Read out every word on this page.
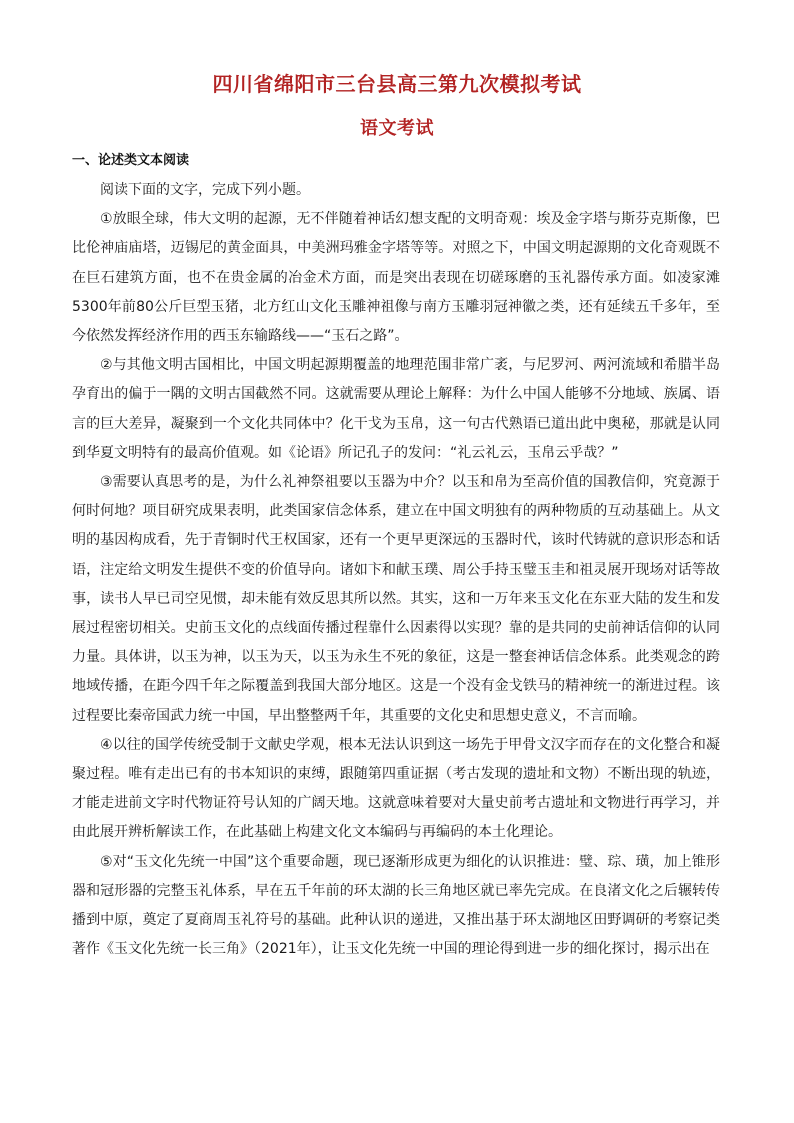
四川省绵阳市三台县高三第九次模拟考试
语文考试
一、论述类文本阅读

阅读下面的文字，完成下列小题。

①放眼全球，伟大文明的起源，无不伴随着神话幻想支配的文明奇观：埃及金字塔与斯芬克斯像，巴比伦神庙庙塔，迈锡尼的黄金面具，中美洲玛雅金字塔等等。对照之下，中国文明起源期的文化奇观既不在巨石建筑方面，也不在贵金属的冶金术方面，而是突出表现在切磋琢磨的玉礼器传承方面。如凌家滩5300年前80公斤巨型玉猪，北方红山文化玉雕神祖像与南方玉雕羽冠神徽之类，还有延续五千多年，至今依然发挥经济作用的西玉东输路线——“玉石之路”。

②与其他文明古国相比，中国文明起源期覆盖的地理范围非常广袤，与尼罗河、两河流域和希腊半岛孕育出的偏于一隅的文明古国截然不同。这就需要从理论上解释：为什么中国人能够不分地域、族属、语言的巨大差异，凝聚到一个文化共同体中？化干戈为玉帛，这一句古代熟语已道出此中奥秘，那就是认同到华夏文明特有的最高价值观。如《论语》所记孔子的发问：“礼云礼云，玉帛云乎哉？”

③需要认真思考的是，为什么礼神祭祖要以玉器为中介？以玉和帛为至高价值的国教信仰，究竟源于何时何地？项目研究成果表明，此类国家信念体系，建立在中国文明独有的两种物质的互动基础上。从文明的基因构成看，先于青铜时代王权国家，还有一个更早更深远的玉器时代，该时代铸就的意识形态和话语，注定给文明发生提供不变的价值导向。诸如卞和献玉璞、周公手持玉璧玉圭和祖灵展开现场对话等故事，读书人早已司空见惯，却未能有效反思其所以然。其实，这和一万年来玉文化在东亚大陆的发生和发展过程密切相关。史前玉文化的点线面传播过程靠什么因素得以实现？靠的是共同的史前神话信仰的认同力量。具体讲，以玉为神，以玉为天，以玉为永生不死的象征，这是一整套神话信念体系。此类观念的跨地域传播，在距今四千年之际覆盖到我国大部分地区。这是一个没有金戈铁马的精神统一的渐进过程。该过程要比秦帝国武力统一中国，早出整整两千年，其重要的文化史和思想史意义，不言而喻。

④以往的国学传统受制于文献史学观，根本无法认识到这一场先于甲骨文汉字而存在的文化整合和凝聚过程。唯有走出已有的书本知识的束缚，跟随第四重证据（考古发现的遗址和文物）不断出现的轨迹，才能走进前文字时代物证符号认知的广阔天地。这就意味着要对大量史前考古遗址和文物进行再学习，并由此展开辨析解读工作，在此基础上构建文化文本编码与再编码的本土化理论。

⑤对“玉文化先统一中国”这个重要命题，现已逐渐形成更为细化的认识推进：璧、琮、璜，加上锥形器和冠形器的完整玉礼体系，早在五千年前的环太湖的长三角地区就已率先完成。在良渚文化之后辗转传播到中原，奠定了夏商周玉礼符号的基础。此种认识的递进，又推出基于环太湖地区田野调研的考察记类著作《玉文化先统一长三角》（2021年），让玉文化先统一中国的理论得到进一步的细化探讨，揭示出在
